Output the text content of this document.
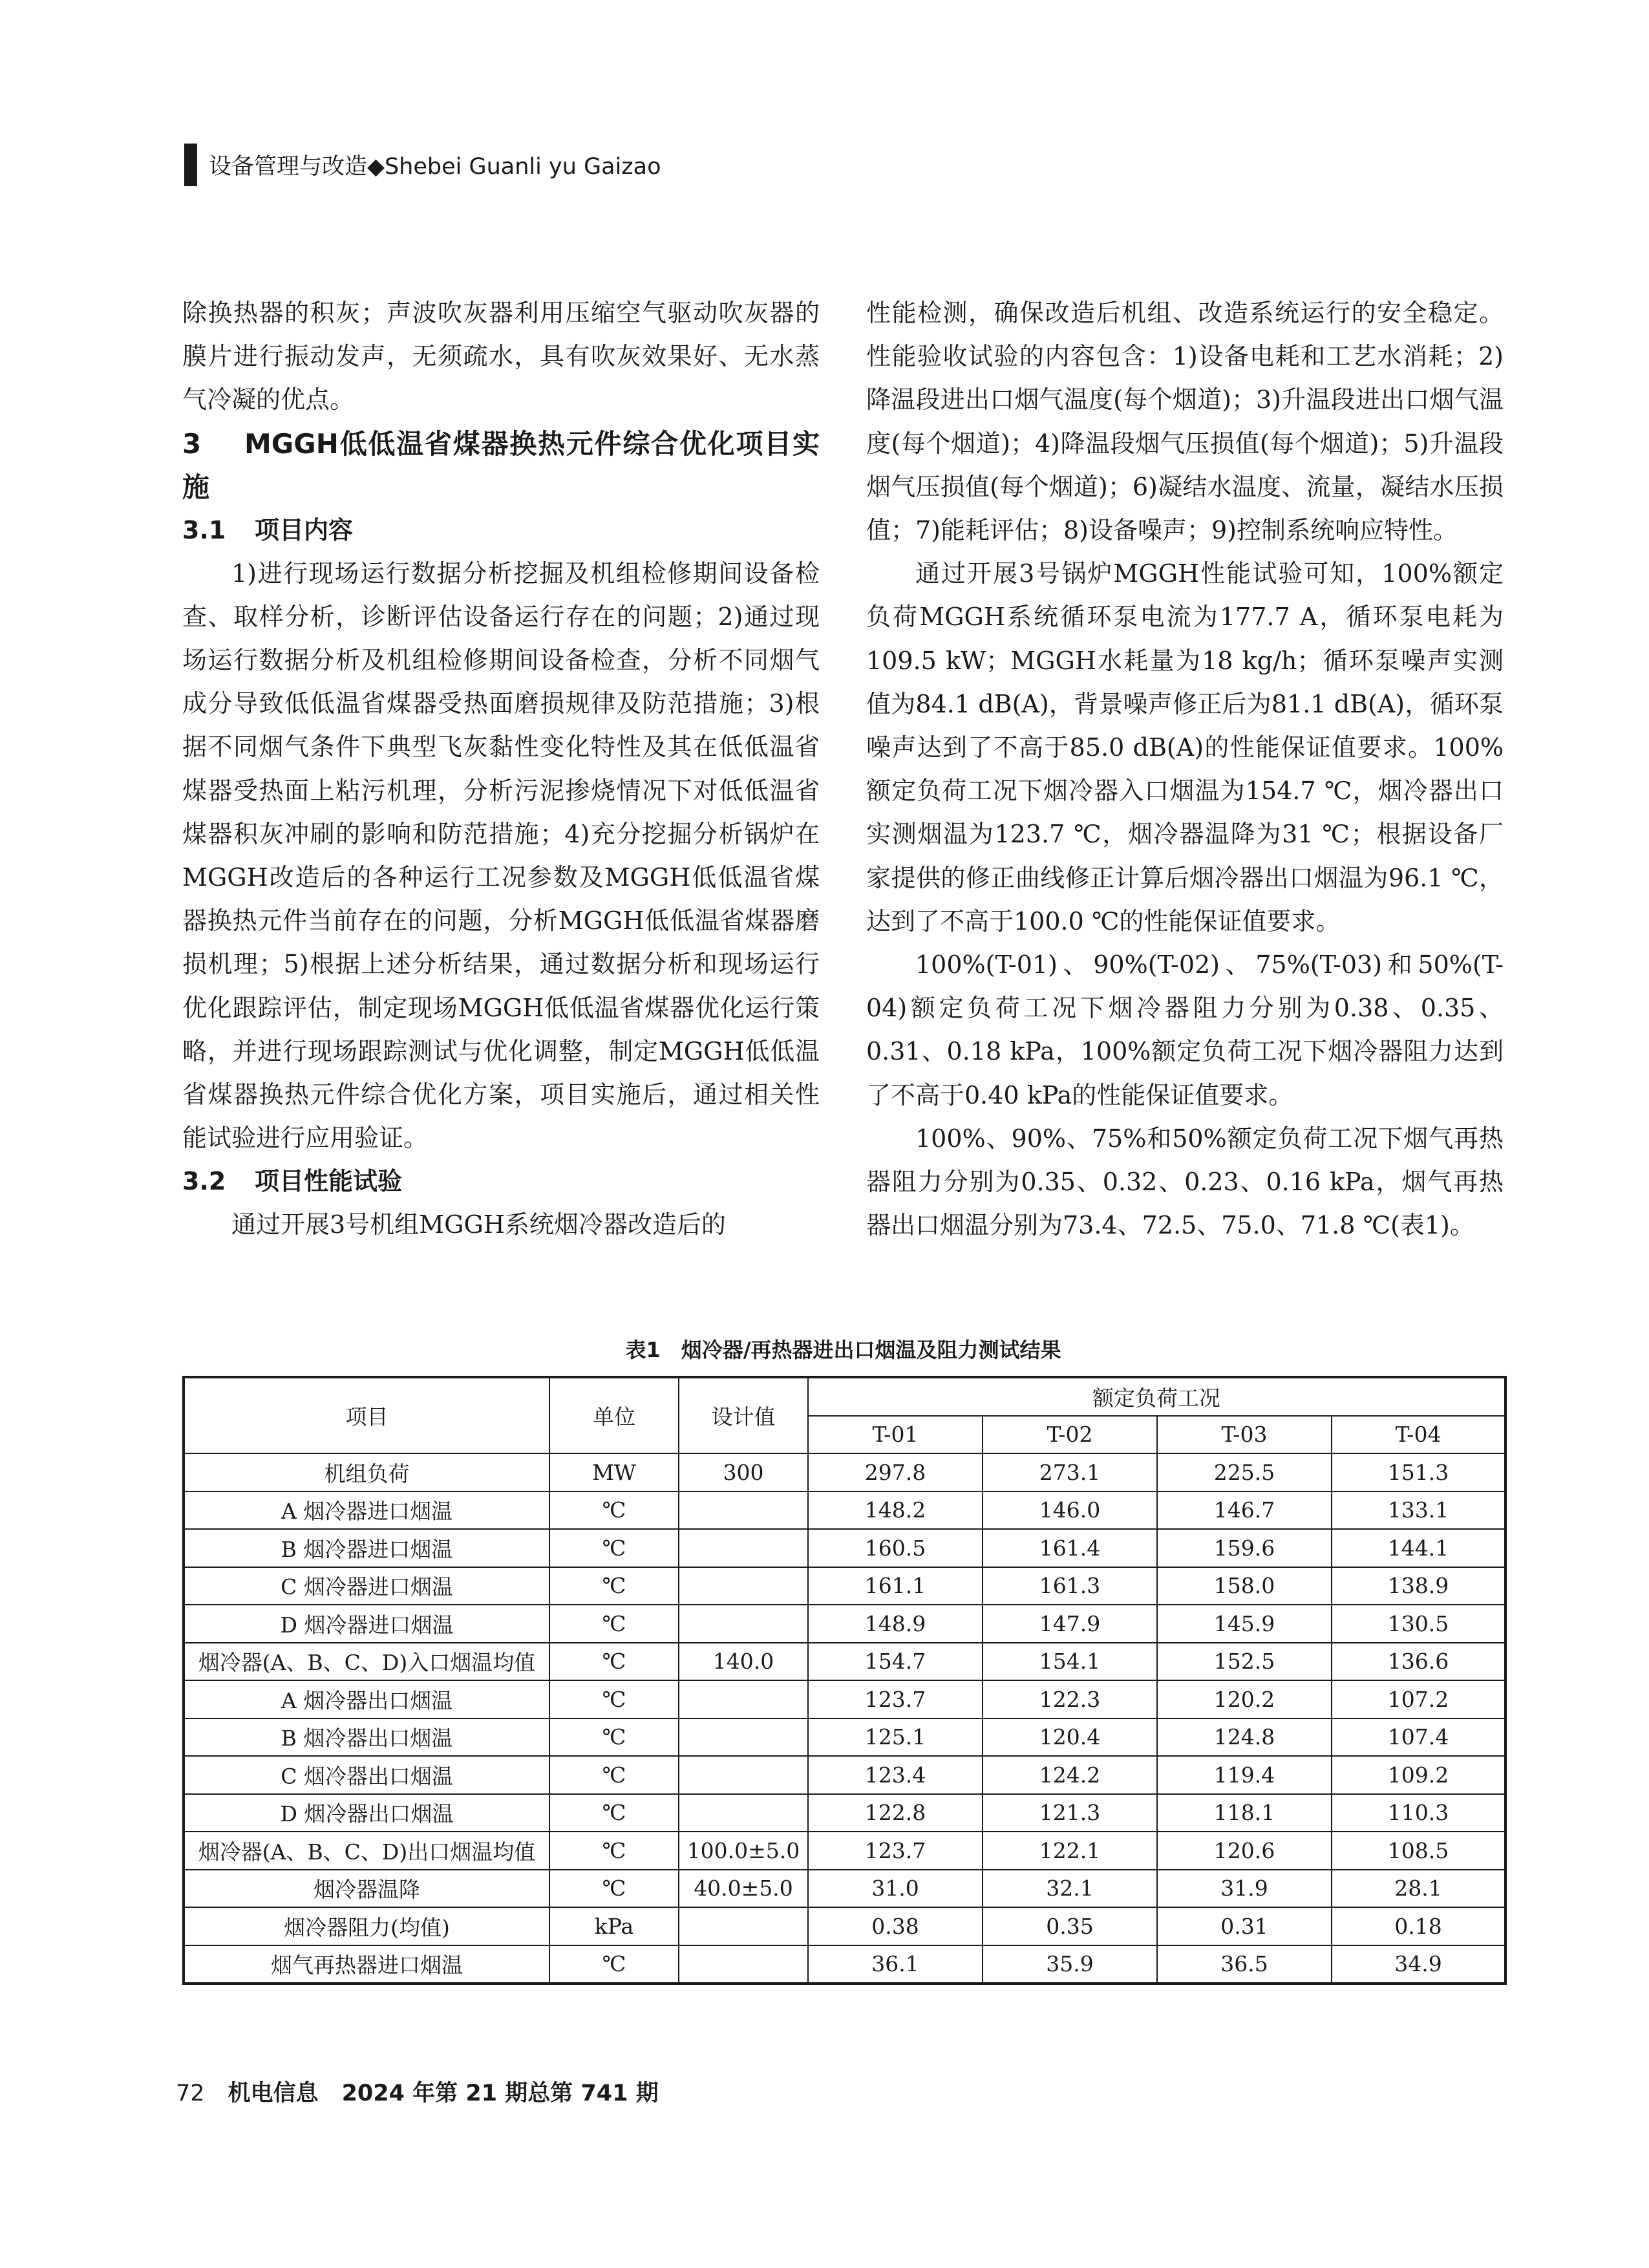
设备管理与改造◆Shebei Guanli yu Gaizao

除换热器的积灰；声波吹灰器利用压缩空气驱动吹灰器的膜片进行振动发声，无须疏水，具有吹灰效果好、无水蒸气冷凝的优点。

3 MGGH低低温省煤器换热元件综合优化项目实施
3.1 项目内容

1)进行现场运行数据分析挖掘及机组检修期间设备检查、取样分析，诊断评估设备运行存在的问题；2)通过现场运行数据分析及机组检修期间设备检查，分析不同烟气成分导致低低温省煤器受热面磨损规律及防范措施；3)根据不同烟气条件下典型飞灰黏性变化特性及其在低低温省煤器受热面上粘污机理，分析污泥掺烧情况下对低低温省煤器积灰冲刷的影响和防范措施；4)充分挖掘分析锅炉在MGGH改造后的各种运行工况参数及MGGH低低温省煤器换热元件当前存在的问题，分析MGGH低低温省煤器磨损机理；5)根据上述分析结果，通过数据分析和现场运行优化跟踪评估，制定现场MGGH低低温省煤器优化运行策略，并进行现场跟踪测试与优化调整，制定MGGH低低温省煤器换热元件综合优化方案，项目实施后，通过相关性能试验进行应用验证。

3.2 项目性能试验

通过开展3号机组MGGH系统烟冷器改造后的

性能检测，确保改造后机组、改造系统运行的安全稳定。性能验收试验的内容包含：1)设备电耗和工艺水消耗；2)降温段进出口烟气温度(每个烟道)；3)升温段进出口烟气温度(每个烟道)；4)降温段烟气压损值(每个烟道)；5)升温段烟气压损值(每个烟道)；6)凝结水温度、流量，凝结水压损值；7)能耗评估；8)设备噪声；9)控制系统响应特性。

通过开展3号锅炉MGGH性能试验可知，100%额定负荷MGGH系统循环泵电流为177.7 A，循环泵电耗为109.5 kW；MGGH水耗量为18 kg/h；循环泵噪声实测值为84.1 dB(A)，背景噪声修正后为81.1 dB(A)，循环泵噪声达到了不高于85.0 dB(A)的性能保证值要求。100%额定负荷工况下烟冷器入口烟温为154.7 ℃，烟冷器出口实测烟温为123.7 ℃，烟冷器温降为31 ℃；根据设备厂家提供的修正曲线修正计算后烟冷器出口烟温为96.1 ℃，达到了不高于100.0 ℃的性能保证值要求。

100%(T-01)、90%(T-02)、75%(T-03)和50%(T-04)额定负荷工况下烟冷器阻力分别为0.38、0.35、0.31、0.18 kPa，100%额定负荷工况下烟冷器阻力达到了不高于0.40 kPa的性能保证值要求。

100%、90%、75%和50%额定负荷工况下烟气再热器阻力分别为0.35、0.32、0.23、0.16 kPa，烟气再热器出口烟温分别为73.4、72.5、75.0、71.8 ℃(表1)。

表1　烟冷器/再热器进出口烟温及阻力测试结果
项目	单位	设计值	额定负荷工况			
			T-01	T-02	T-03	T-04
机组负荷	MW	300	297.8	273.1	225.5	151.3
A 烟冷器进口烟温	℃		148.2	146.0	146.7	133.1
B 烟冷器进口烟温	℃		160.5	161.4	159.6	144.1
C 烟冷器进口烟温	℃		161.1	161.3	158.0	138.9
D 烟冷器进口烟温	℃		148.9	147.9	145.9	130.5
烟冷器(A、B、C、D)入口烟温均值	℃	140.0	154.7	154.1	152.5	136.6
A 烟冷器出口烟温	℃		123.7	122.3	120.2	107.2
B 烟冷器出口烟温	℃		125.1	120.4	124.8	107.4
C 烟冷器出口烟温	℃		123.4	124.2	119.4	109.2
D 烟冷器出口烟温	℃		122.8	121.3	118.1	110.3
烟冷器(A、B、C、D)出口烟温均值	℃	100.0±5.0	123.7	122.1	120.6	108.5
烟冷器温降	℃	40.0±5.0	31.0	32.1	31.9	28.1
烟冷器阻力(均值)	kPa		0.38	0.35	0.31	0.18
烟气再热器进口烟温	℃		36.1	35.9	36.5	34.9
72 机电信息 2024 年第 21 期总第 741 期
